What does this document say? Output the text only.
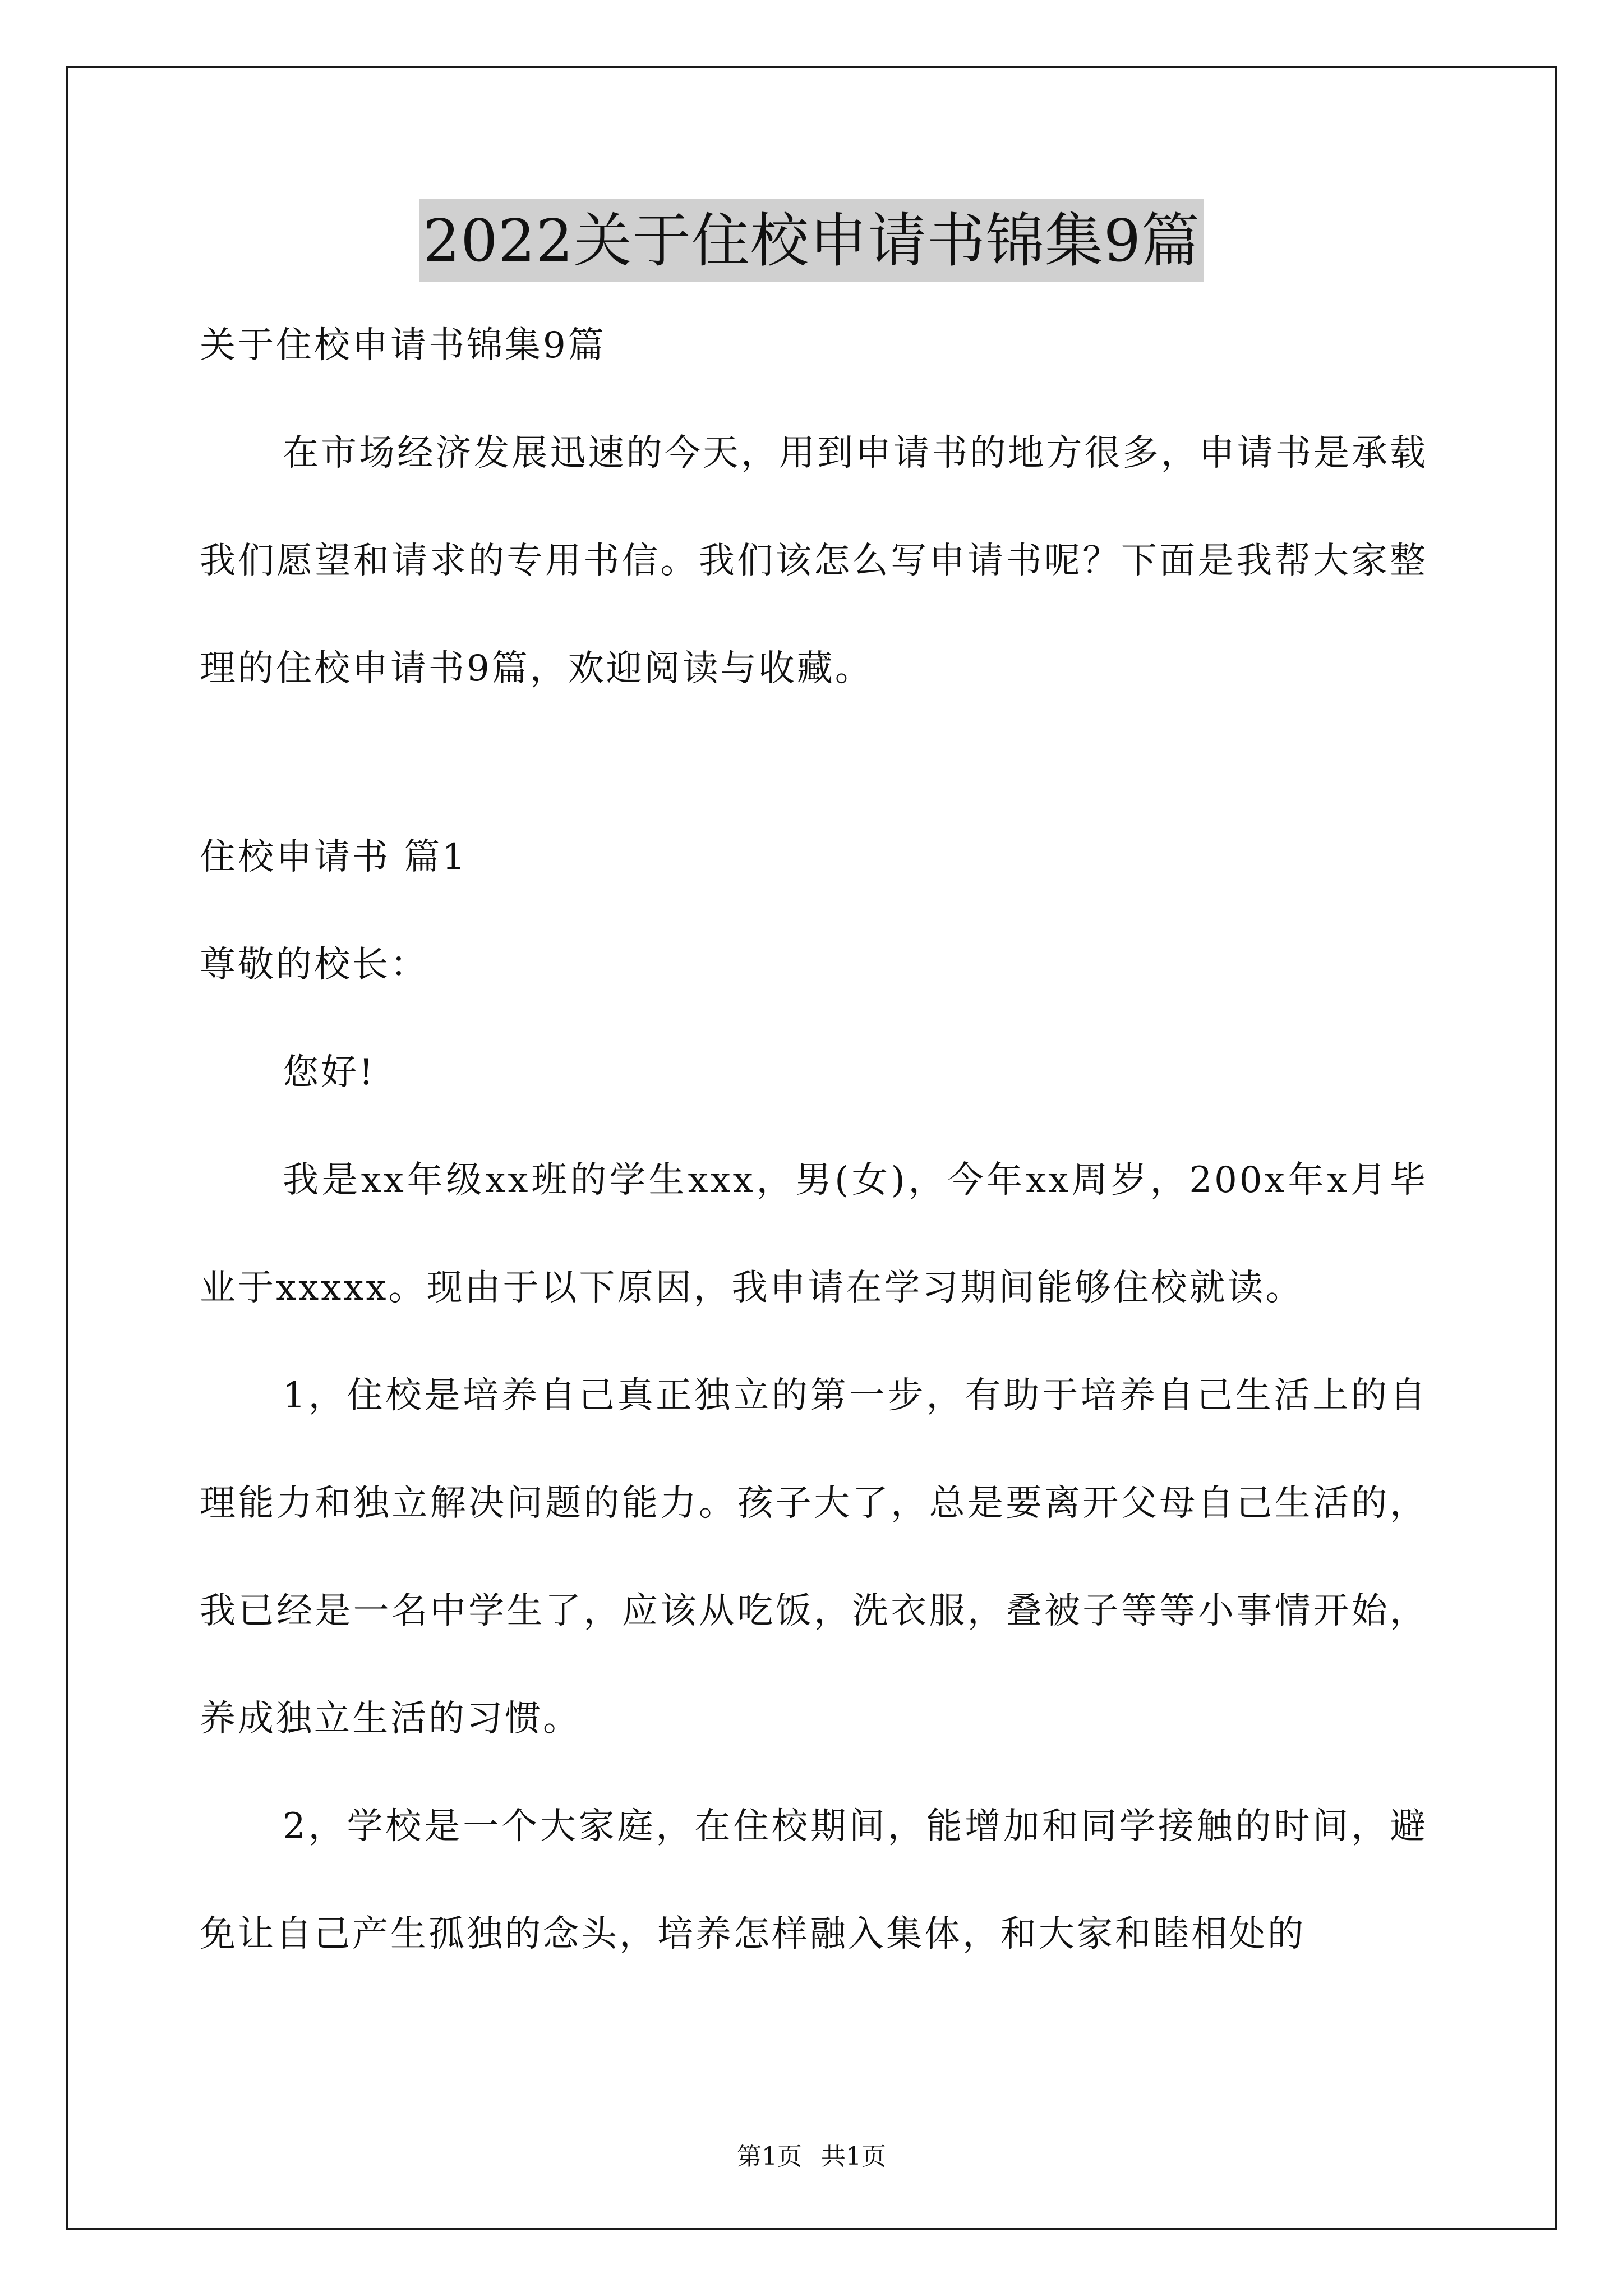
2022关于住校申请书锦集9篇

关于住校申请书锦集9篇

在市场经济发展迅速的今天，用到申请书的地方很多，申请书是承载我们愿望和请求的专用书信。我们该怎么写申请书呢？下面是我帮大家整理的住校申请书9篇，欢迎阅读与收藏。

住校申请书 篇1

尊敬的校长：

您好!

我是xx年级xx班的学生xxx，男(女)，今年xx周岁，200x年x月毕业于xxxxx。现由于以下原因，我申请在学习期间能够住校就读。

1，住校是培养自己真正独立的第一步，有助于培养自己生活上的自理能力和独立解决问题的能力。孩子大了，总是要离开父母自己生活的，我已经是一名中学生了，应该从吃饭，洗衣服，叠被子等等小事情开始，养成独立生活的习惯。

2，学校是一个大家庭，在住校期间，能增加和同学接触的时间，避免让自己产生孤独的念头，培养怎样融入集体，和大家和睦相处的

第1页 共1页
